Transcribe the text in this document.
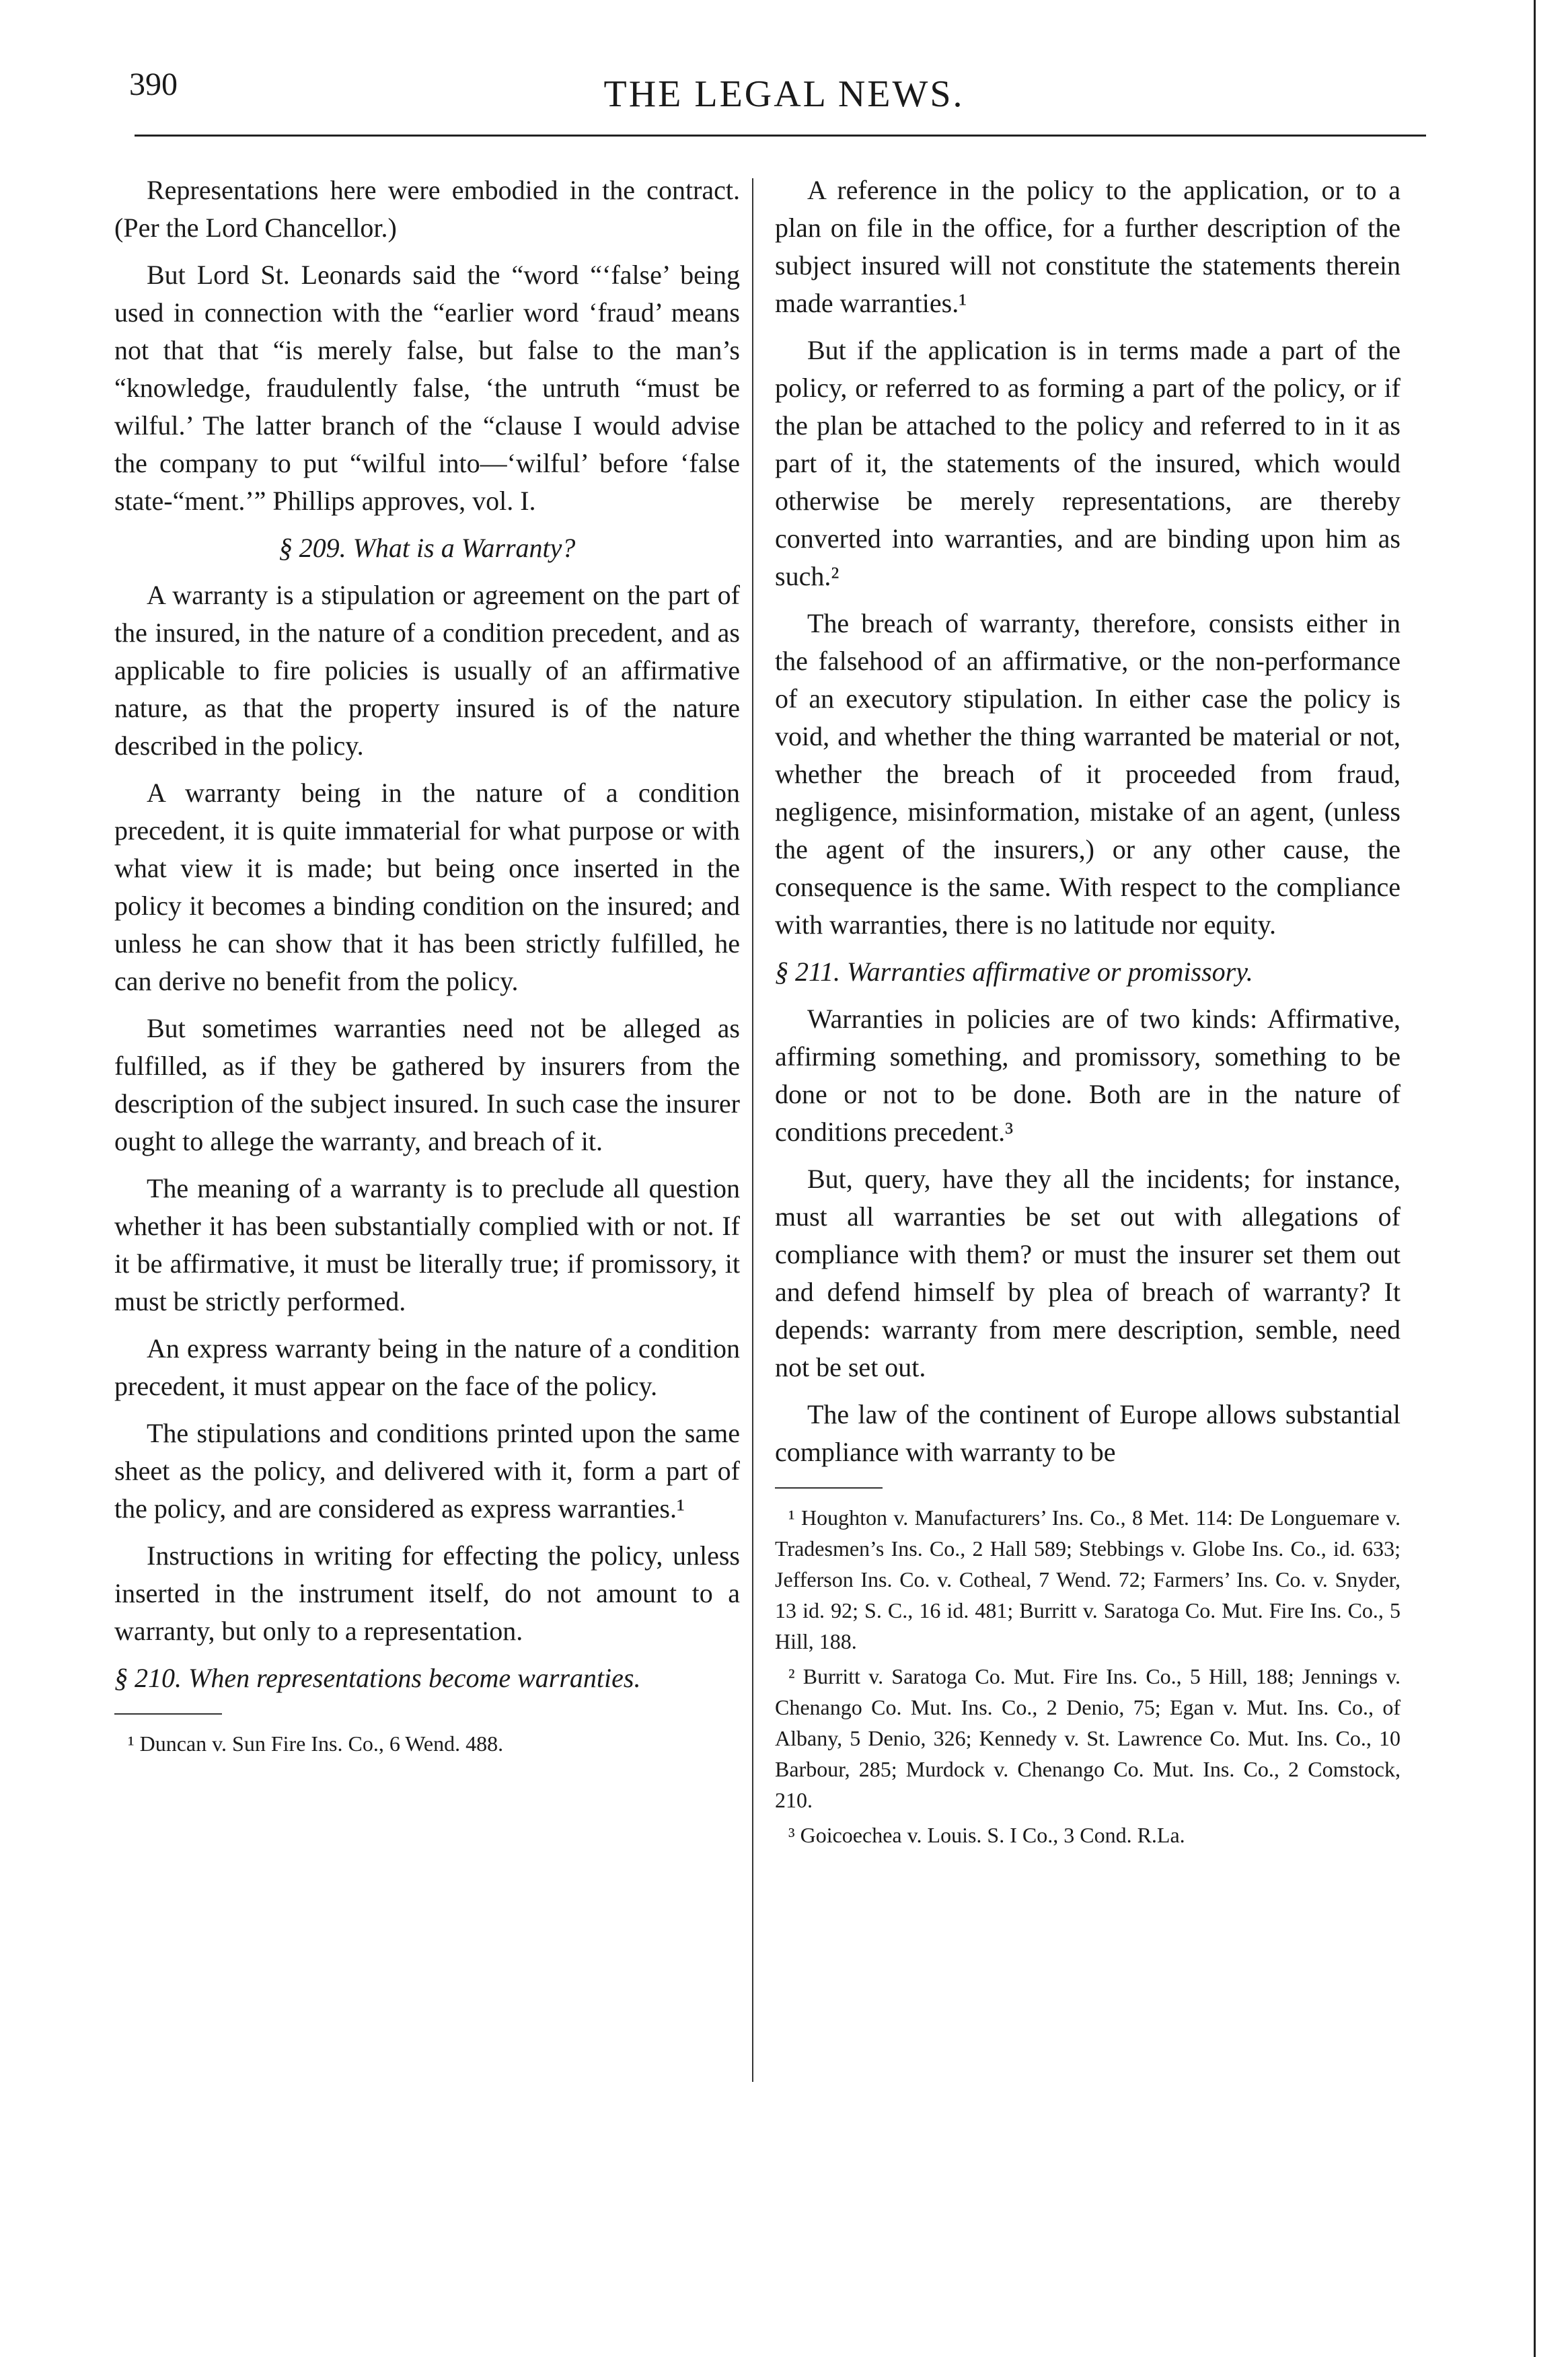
390	THE LEGAL NEWS.

Representations here were embodied in the contract. (Per the Lord Chancellor.)

But Lord St. Leonards said the “word “‘false’ being used in connection with the “earlier word ‘fraud’ means not that that “is merely false, but false to the man’s “knowledge, fraudulently false, ‘the untruth “must be wilful.’ The latter branch of the “clause I would advise the company to put “wilful into—‘wilful’ before ‘false state-“ment.’” Phillips approves, vol. I.

§ 209. What is a Warranty?

A warranty is a stipulation or agreement on the part of the insured, in the nature of a condition precedent, and as applicable to fire policies is usually of an affirmative nature, as that the property insured is of the nature described in the policy.

A warranty being in the nature of a condition precedent, it is quite immaterial for what purpose or with what view it is made; but being once inserted in the policy it becomes a binding condition on the insured; and unless he can show that it has been strictly fulfilled, he can derive no benefit from the policy.

But sometimes warranties need not be alleged as fulfilled, as if they be gathered by insurers from the description of the subject insured. In such case the insurer ought to allege the warranty, and breach of it.

The meaning of a warranty is to preclude all question whether it has been substantially complied with or not. If it be affirmative, it must be literally true; if promissory, it must be strictly performed.

An express warranty being in the nature of a condition precedent, it must appear on the face of the policy.

The stipulations and conditions printed upon the same sheet as the policy, and delivered with it, form a part of the policy, and are considered as express warranties.¹

Instructions in writing for effecting the policy, unless inserted in the instrument itself, do not amount to a warranty, but only to a representation.

§ 210. When representations become warranties.

¹ Duncan v. Sun Fire Ins. Co., 6 Wend. 488.

A reference in the policy to the application, or to a plan on file in the office, for a further description of the subject insured will not constitute the statements therein made warranties.¹

But if the application is in terms made a part of the policy, or referred to as forming a part of the policy, or if the plan be attached to the policy and referred to in it as part of it, the statements of the insured, which would otherwise be merely representations, are thereby converted into warranties, and are binding upon him as such.²

The breach of warranty, therefore, consists either in the falsehood of an affirmative, or the non-performance of an executory stipulation. In either case the policy is void, and whether the thing warranted be material or not, whether the breach of it proceeded from fraud, negligence, misinformation, mistake of an agent, (unless the agent of the insurers,) or any other cause, the consequence is the same. With respect to the compliance with warranties, there is no latitude nor equity.

§ 211. Warranties affirmative or promissory.

Warranties in policies are of two kinds: Affirmative, affirming something, and promissory, something to be done or not to be done. Both are in the nature of conditions precedent.³

But, query, have they all the incidents; for instance, must all warranties be set out with allegations of compliance with them? or must the insurer set them out and defend himself by plea of breach of warranty? It depends: warranty from mere description, semble, need not be set out.

The law of the continent of Europe allows substantial compliance with warranty to be

¹ Houghton v. Manufacturers’ Ins. Co., 8 Met. 114: De Longuemare v. Tradesmen’s Ins. Co., 2 Hall 589; Stebbings v. Globe Ins. Co., id. 633; Jefferson Ins. Co. v. Cotheal, 7 Wend. 72; Farmers’ Ins. Co. v. Snyder, 13 id. 92; S. C., 16 id. 481; Burritt v. Saratoga Co. Mut. Fire Ins. Co., 5 Hill, 188.

² Burritt v. Saratoga Co. Mut. Fire Ins. Co., 5 Hill, 188; Jennings v. Chenango Co. Mut. Ins. Co., 2 Denio, 75; Egan v. Mut. Ins. Co., of Albany, 5 Denio, 326; Kennedy v. St. Lawrence Co. Mut. Ins. Co., 10 Barbour, 285; Murdock v. Chenango Co. Mut. Ins. Co., 2 Comstock, 210.

³ Goicoechea v. Louis. S. I Co., 3 Cond. R.La.
